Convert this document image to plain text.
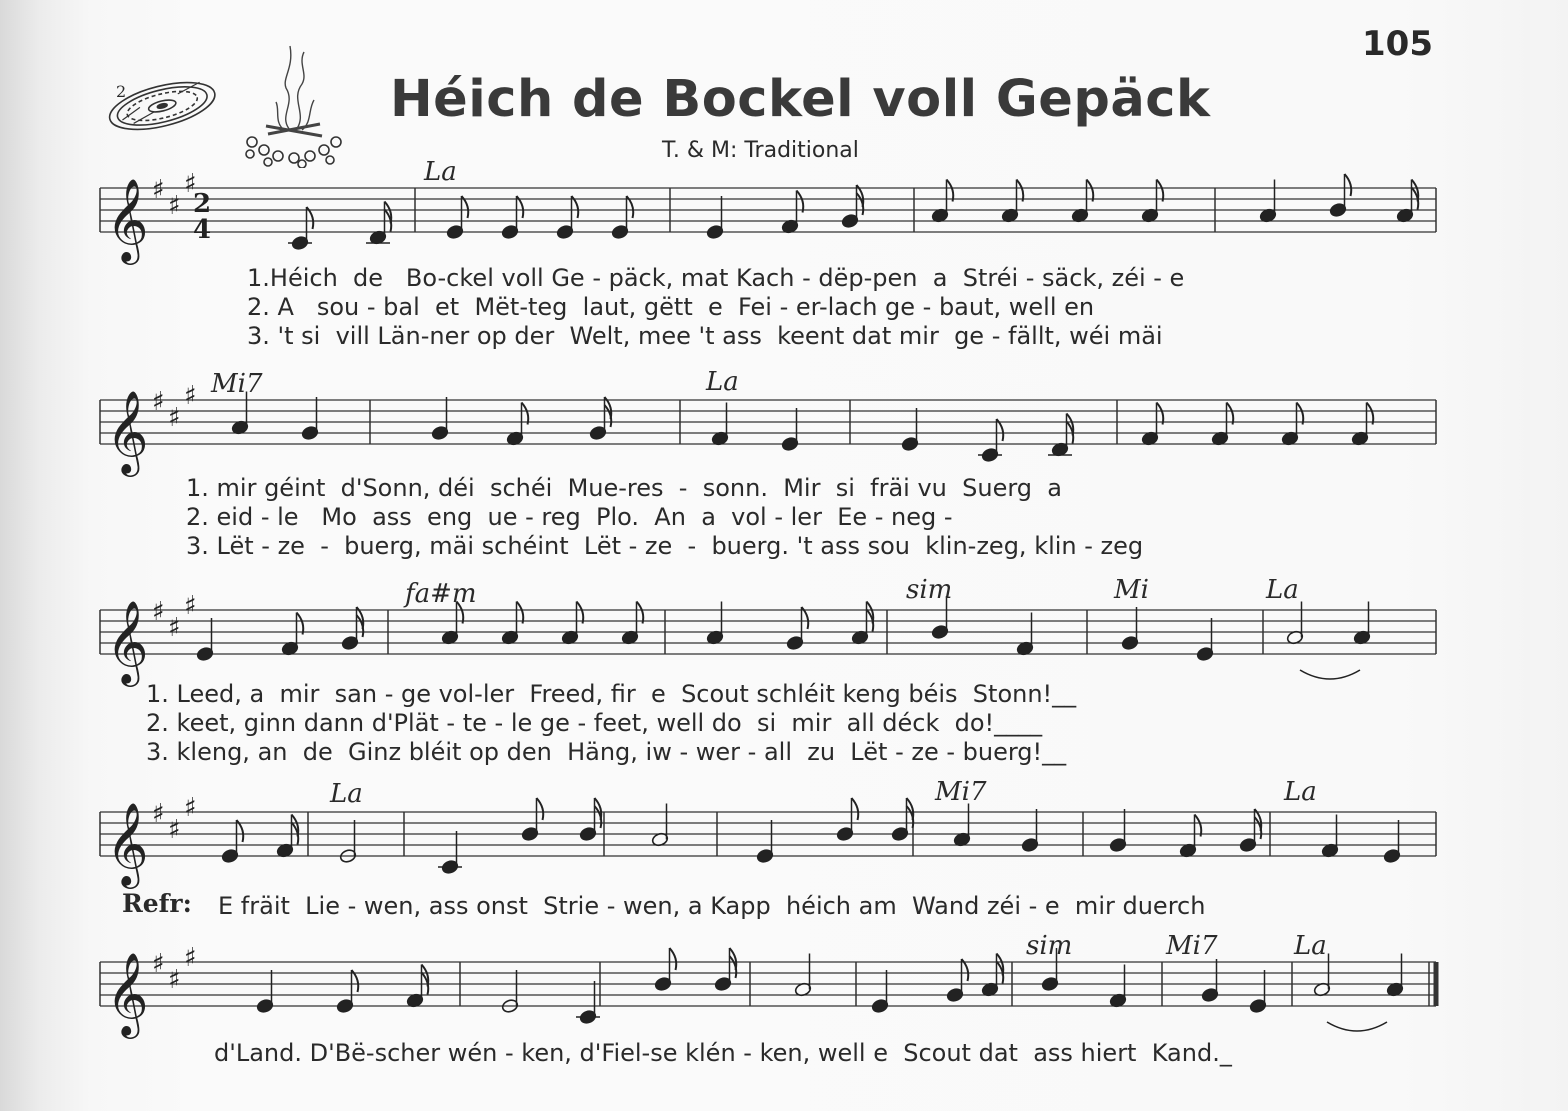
105
Héich de Bockel voll Gepäck
T. & M: Traditional
2
𝄞 ♯
♯
♯
𝄞 ♯
♯
♯
𝄞 ♯
♯
♯
𝄞 ♯
♯
♯
𝄞 ♯
♯
♯
La
Mi7	La
fa#m	sim	Mi	La
La	Mi7	La
sim	Mi7	La
2
4
1.Héich  de   Bo-ckel voll Ge - päck, mat Kach - dëp-pen  a  Stréi - säck, zéi - e
2. A   sou - bal  et  Mët-teg  laut, gëtt  e  Fei - er-lach ge - baut, well en
3. 't si  vill Län-ner op der  Welt, mee 't ass  keent dat mir  ge - fällt, wéi mäi
1. mir géint  d'Sonn, déi  schéi  Mue-res  -  sonn.  Mir  si  fräi vu  Suerg  a
2. eid - le   Mo  ass  eng  ue - reg  Plo.  An  a  vol - ler  Ee - neg -
3. Lët - ze  -  buerg, mäi schéint  Lët - ze  -  buerg. 't ass sou  klin-zeg, klin - zeg
1. Leed, a  mir  san - ge vol-ler  Freed, fir  e  Scout schléit keng béis  Stonn!__
2. keet, ginn dann d'Plät - te - le ge - feet, well do  si  mir  all déck  do!____
3. kleng, an  de  Ginz bléit op den  Häng, iw - wer - all  zu  Lët - ze - buerg!__
Refr: E fräit  Lie - wen, ass onst  Strie - wen, a Kapp  héich am  Wand zéi - e  mir duerch
d'Land. D'Bë-scher wén - ken, d'Fiel-se klén - ken, well e  Scout dat  ass hiert  Kand._
